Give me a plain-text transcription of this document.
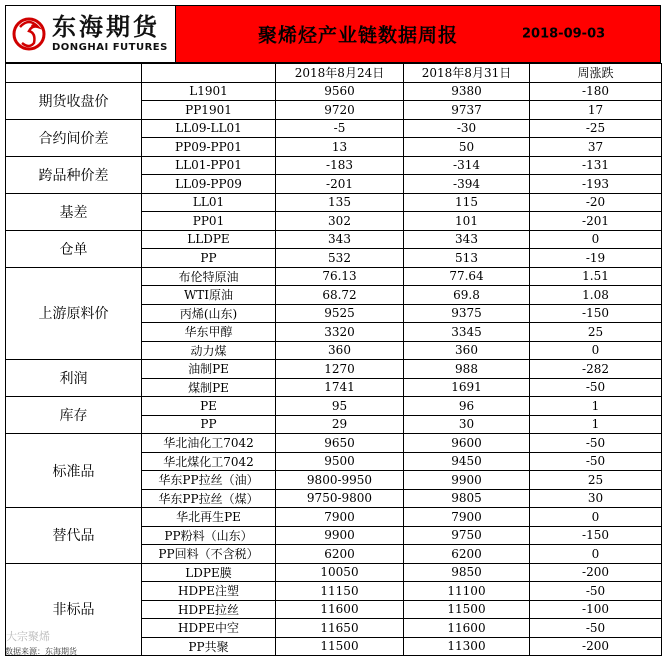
东海期货
DONGHAI FUTURES
聚烯烃产业链数据周报	2018-09-03
		2018年8月24日	2018年8月31日	周涨跌
期货收盘价	L1901	9560	9380	-180
	PP1901	9720	9737	17
合约间价差	LL09-LL01	-5	-30	-25
	PP09-PP01	13	50	37
跨品种价差	LL01-PP01	-183	-314	-131
	LL09-PP09	-201	-394	-193
基差	LL01	135	115	-20
	PP01	302	101	-201
仓单	LLDPE	343	343	0
	PP	532	513	-19
上游原料价	布伦特原油	76.13	77.64	1.51
	WTI原油	68.72	69.8	1.08
	丙烯(山东)	9525	9375	-150
	华东甲醇	3320	3345	25
	动力煤	360	360	0
利润	油制PE	1270	988	-282
	煤制PE	1741	1691	-50
库存	PE	95	96	1
	PP	29	30	1
标准品	华北油化工7042	9650	9600	-50
	华北煤化工7042	9500	9450	-50
	华东PP拉丝（油）	9800-9950	9900	25
	华东PP拉丝（煤）	9750-9800	9805	30
替代品	华北再生PE	7900	7900	0
	PP粉料（山东）	9900	9750	-150
	PP回料（不含税）	6200	6200	0
非标品	LDPE膜	10050	9850	-200
	HDPE注塑	11150	11100	-50
	HDPE拉丝	11600	11500	-100
	HDPE中空	11650	11600	-50
	PP共聚	11500	11300	-200
大宗聚烯
数据来源：东海期货
